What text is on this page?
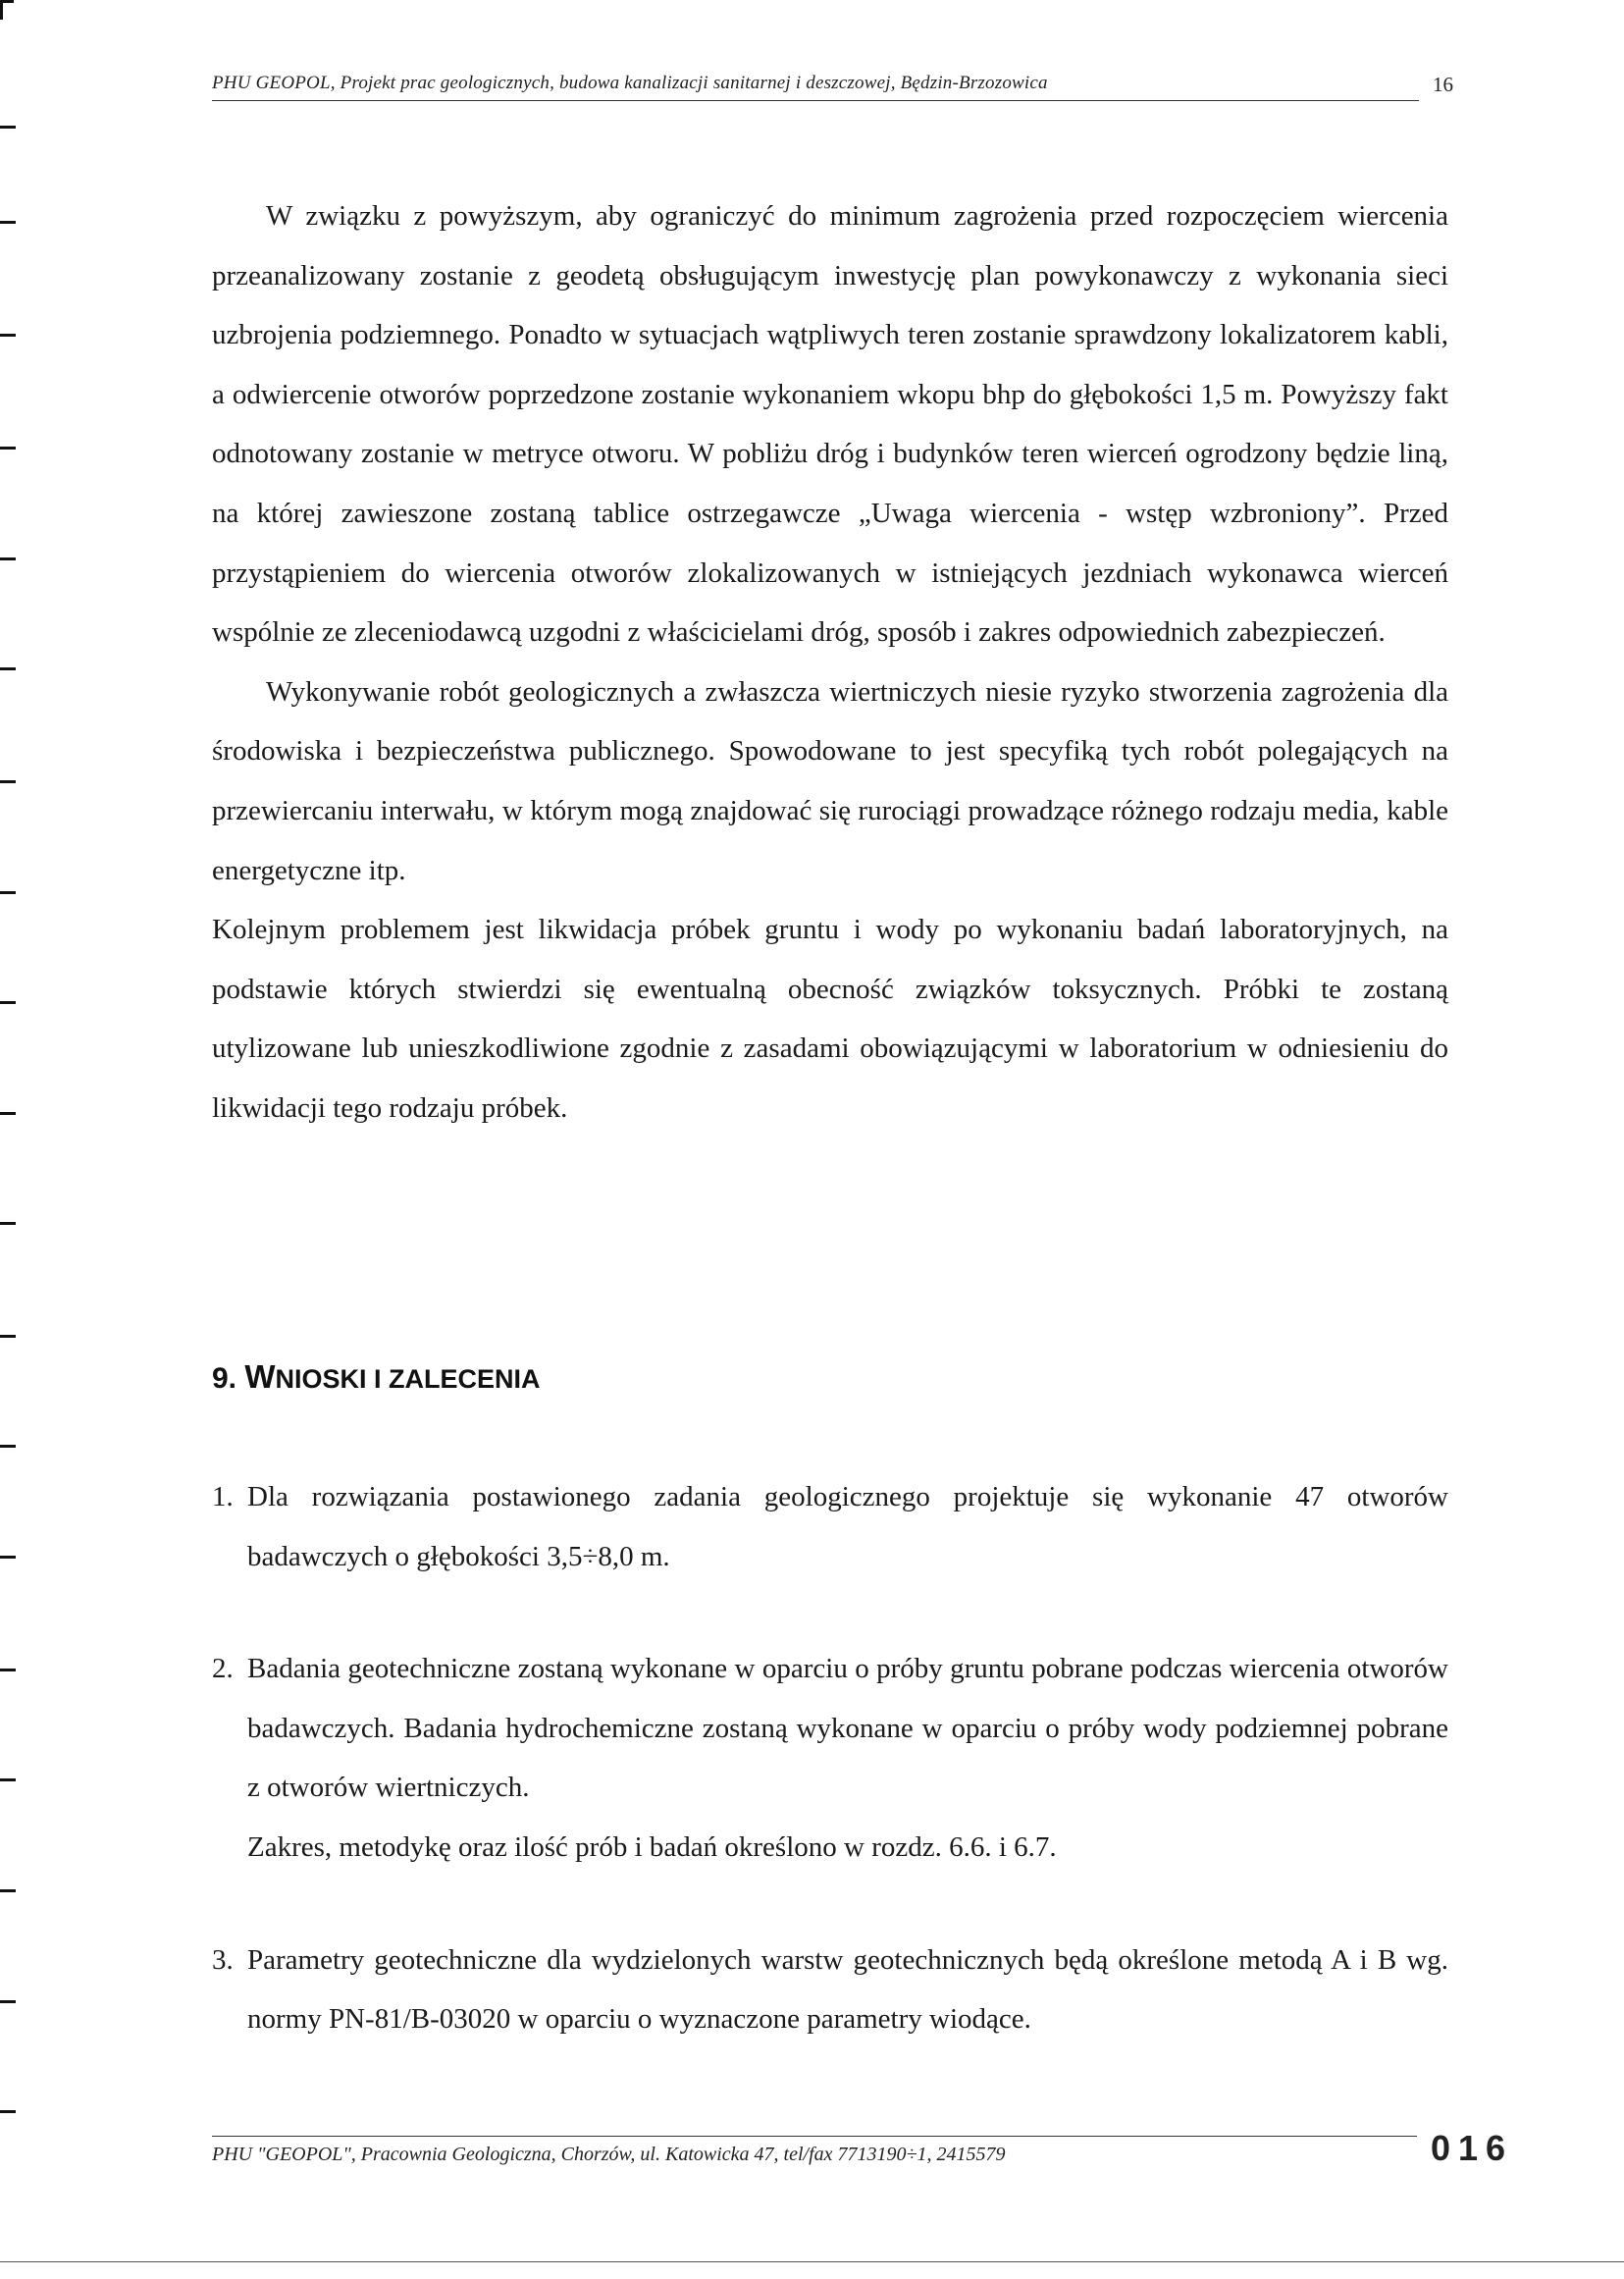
PHU GEOPOL, Projekt prac geologicznych, budowa kanalizacji sanitarnej i deszczowej, Będzin-Brzozowica	16

W związku z powyższym, aby ograniczyć do minimum zagrożenia przed rozpoczęciem wiercenia przeanalizowany zostanie z geodetą obsługującym inwestycję plan powykonawczy z wykonania sieci uzbrojenia podziemnego. Ponadto w sytuacjach wątpliwych teren zostanie sprawdzony lokalizatorem kabli, a odwiercenie otworów poprzedzone zostanie wykonaniem wkopu bhp do głębokości 1,5 m. Powyższy fakt odnotowany zostanie w metryce otworu. W pobliżu dróg i budynków teren wierceń ogrodzony będzie liną, na której zawieszone zostaną tablice ostrzegawcze „Uwaga wiercenia - wstęp wzbroniony”. Przed przystąpieniem do wiercenia otworów zlokalizowanych w istniejących jezdniach wykonawca wierceń wspólnie ze zleceniodawcą uzgodni z właścicielami dróg, sposób i zakres odpowiednich zabezpieczeń.

Wykonywanie robót geologicznych a zwłaszcza wiertniczych niesie ryzyko stworzenia zagrożenia dla środowiska i bezpieczeństwa publicznego. Spowodowane to jest specyfiką tych robót polegających na przewiercaniu interwału, w którym mogą znajdować się rurociągi prowadzące różnego rodzaju media, kable energetyczne itp.

Kolejnym problemem jest likwidacja próbek gruntu i wody po wykonaniu badań laboratoryjnych, na podstawie których stwierdzi się ewentualną obecność związków toksycznych. Próbki te zostaną utylizowane lub unieszkodliwione zgodnie z zasadami obowiązującymi w laboratorium w odniesieniu do likwidacji tego rodzaju próbek.

9. WNIOSKI I ZALECENIA
1. Dla rozwiązania postawionego zadania geologicznego projektuje się wykonanie 47 otworów badawczych o głębokości 3,5÷8,0 m.
2. Badania geotechniczne zostaną wykonane w oparciu o próby gruntu pobrane podczas wiercenia otworów badawczych. Badania hydrochemiczne zostaną wykonane w oparciu o próby wody podziemnej pobrane z otworów wiertniczych.
Zakres, metodykę oraz ilość prób i badań określono w rozdz. 6.6. i 6.7.
3. Parametry geotechniczne dla wydzielonych warstw geotechnicznych będą określone metodą A i B wg. normy PN-81/B-03020 w oparciu o wyznaczone parametry wiodące.
PHU "GEOPOL", Pracownia Geologiczna, Chorzów, ul. Katowicka 47, tel/fax 7713190÷1, 2415579	016
